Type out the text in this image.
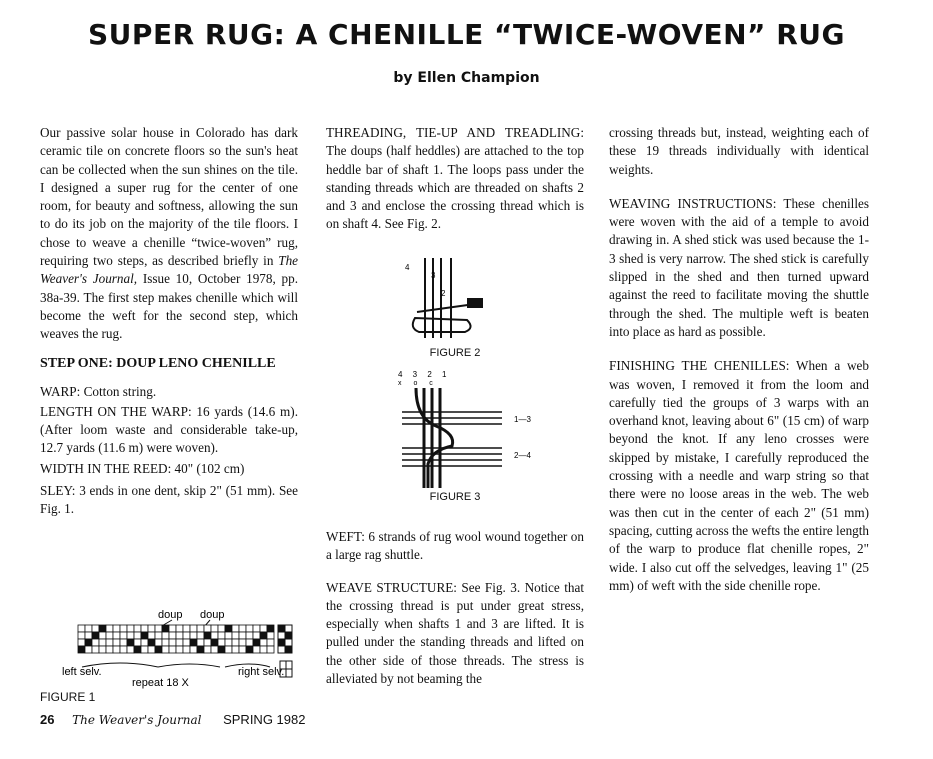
SUPER RUG: A CHENILLE “TWICE-WOVEN” RUG
by Ellen Champion

Our passive solar house in Colorado has dark ceramic tile on concrete floors so the sun's heat can be collected when the sun shines on the tile. I designed a super rug for the center of one room, for beauty and softness, allowing the sun to do its job on the majority of the tile floors. I chose to weave a chenille “twice-woven” rug, requiring two steps, as described briefly in The Weaver's Journal, Issue 10, October 1978, pp. 38a-39. The first step makes chenille which will become the weft for the second step, which weaves the rug.

STEP ONE: DOUP LENO CHENILLE

WARP: Cotton string.

LENGTH ON THE WARP: 16 yards (14.6 m). (After loom waste and considerable take-up, 12.7 yards (11.6 m) were woven).

WIDTH IN THE REED: 40" (102 cm)

SLEY: 3 ends in one dent, skip 2" (51 mm). See Fig. 1.

doup doup
left selv.
repeat 18 X
right selv.
FIGURE 1

THREADING, TIE-UP AND TREADLING: The doups (half heddles) are attached to the top heddle bar of shaft 1. The loops pass under the standing threads which are threaded on shafts 2 and 3 and enclose the crossing thread which is on shaft 4. See Fig. 2.

4
3
2
FIGURE 2
4 3 2 1
x o c
1—3
2—4
FIGURE 3

WEFT: 6 strands of rug wool wound together on a large rag shuttle.

WEAVE STRUCTURE: See Fig. 3. Notice that the crossing thread is put under great stress, especially when shafts 1 and 3 are lifted. It is pulled under the standing threads and lifted on the other side of those threads. The stress is alleviated by not beaming the

crossing threads but, instead, weighting each of these 19 threads individually with identical weights.

WEAVING INSTRUCTIONS: These chenilles were woven with the aid of a temple to avoid drawing in. A shed stick was used because the 1-3 shed is very narrow. The shed stick is carefully slipped in the shed and then turned upward against the reed to facilitate moving the shuttle through the shed. The multiple weft is beaten into place as hard as possible.

FINISHING THE CHENILLES: When a web was woven, I removed it from the loom and carefully tied the groups of 3 warps with an overhand knot, leaving about 6" (15 cm) of warp beyond the knot. If any leno crosses were skipped by mistake, I carefully reproduced the crossing with a needle and warp string so that there were no loose areas in the web. The web was then cut in the center of each 2" (51 mm) spacing, cutting across the wefts the entire length of the warp to produce flat chenille ropes, 2" wide. I also cut off the selvedges, leaving 1" (25 mm) of weft with the side chenille rope.

26 The Weaver's Journal SPRING 1982
